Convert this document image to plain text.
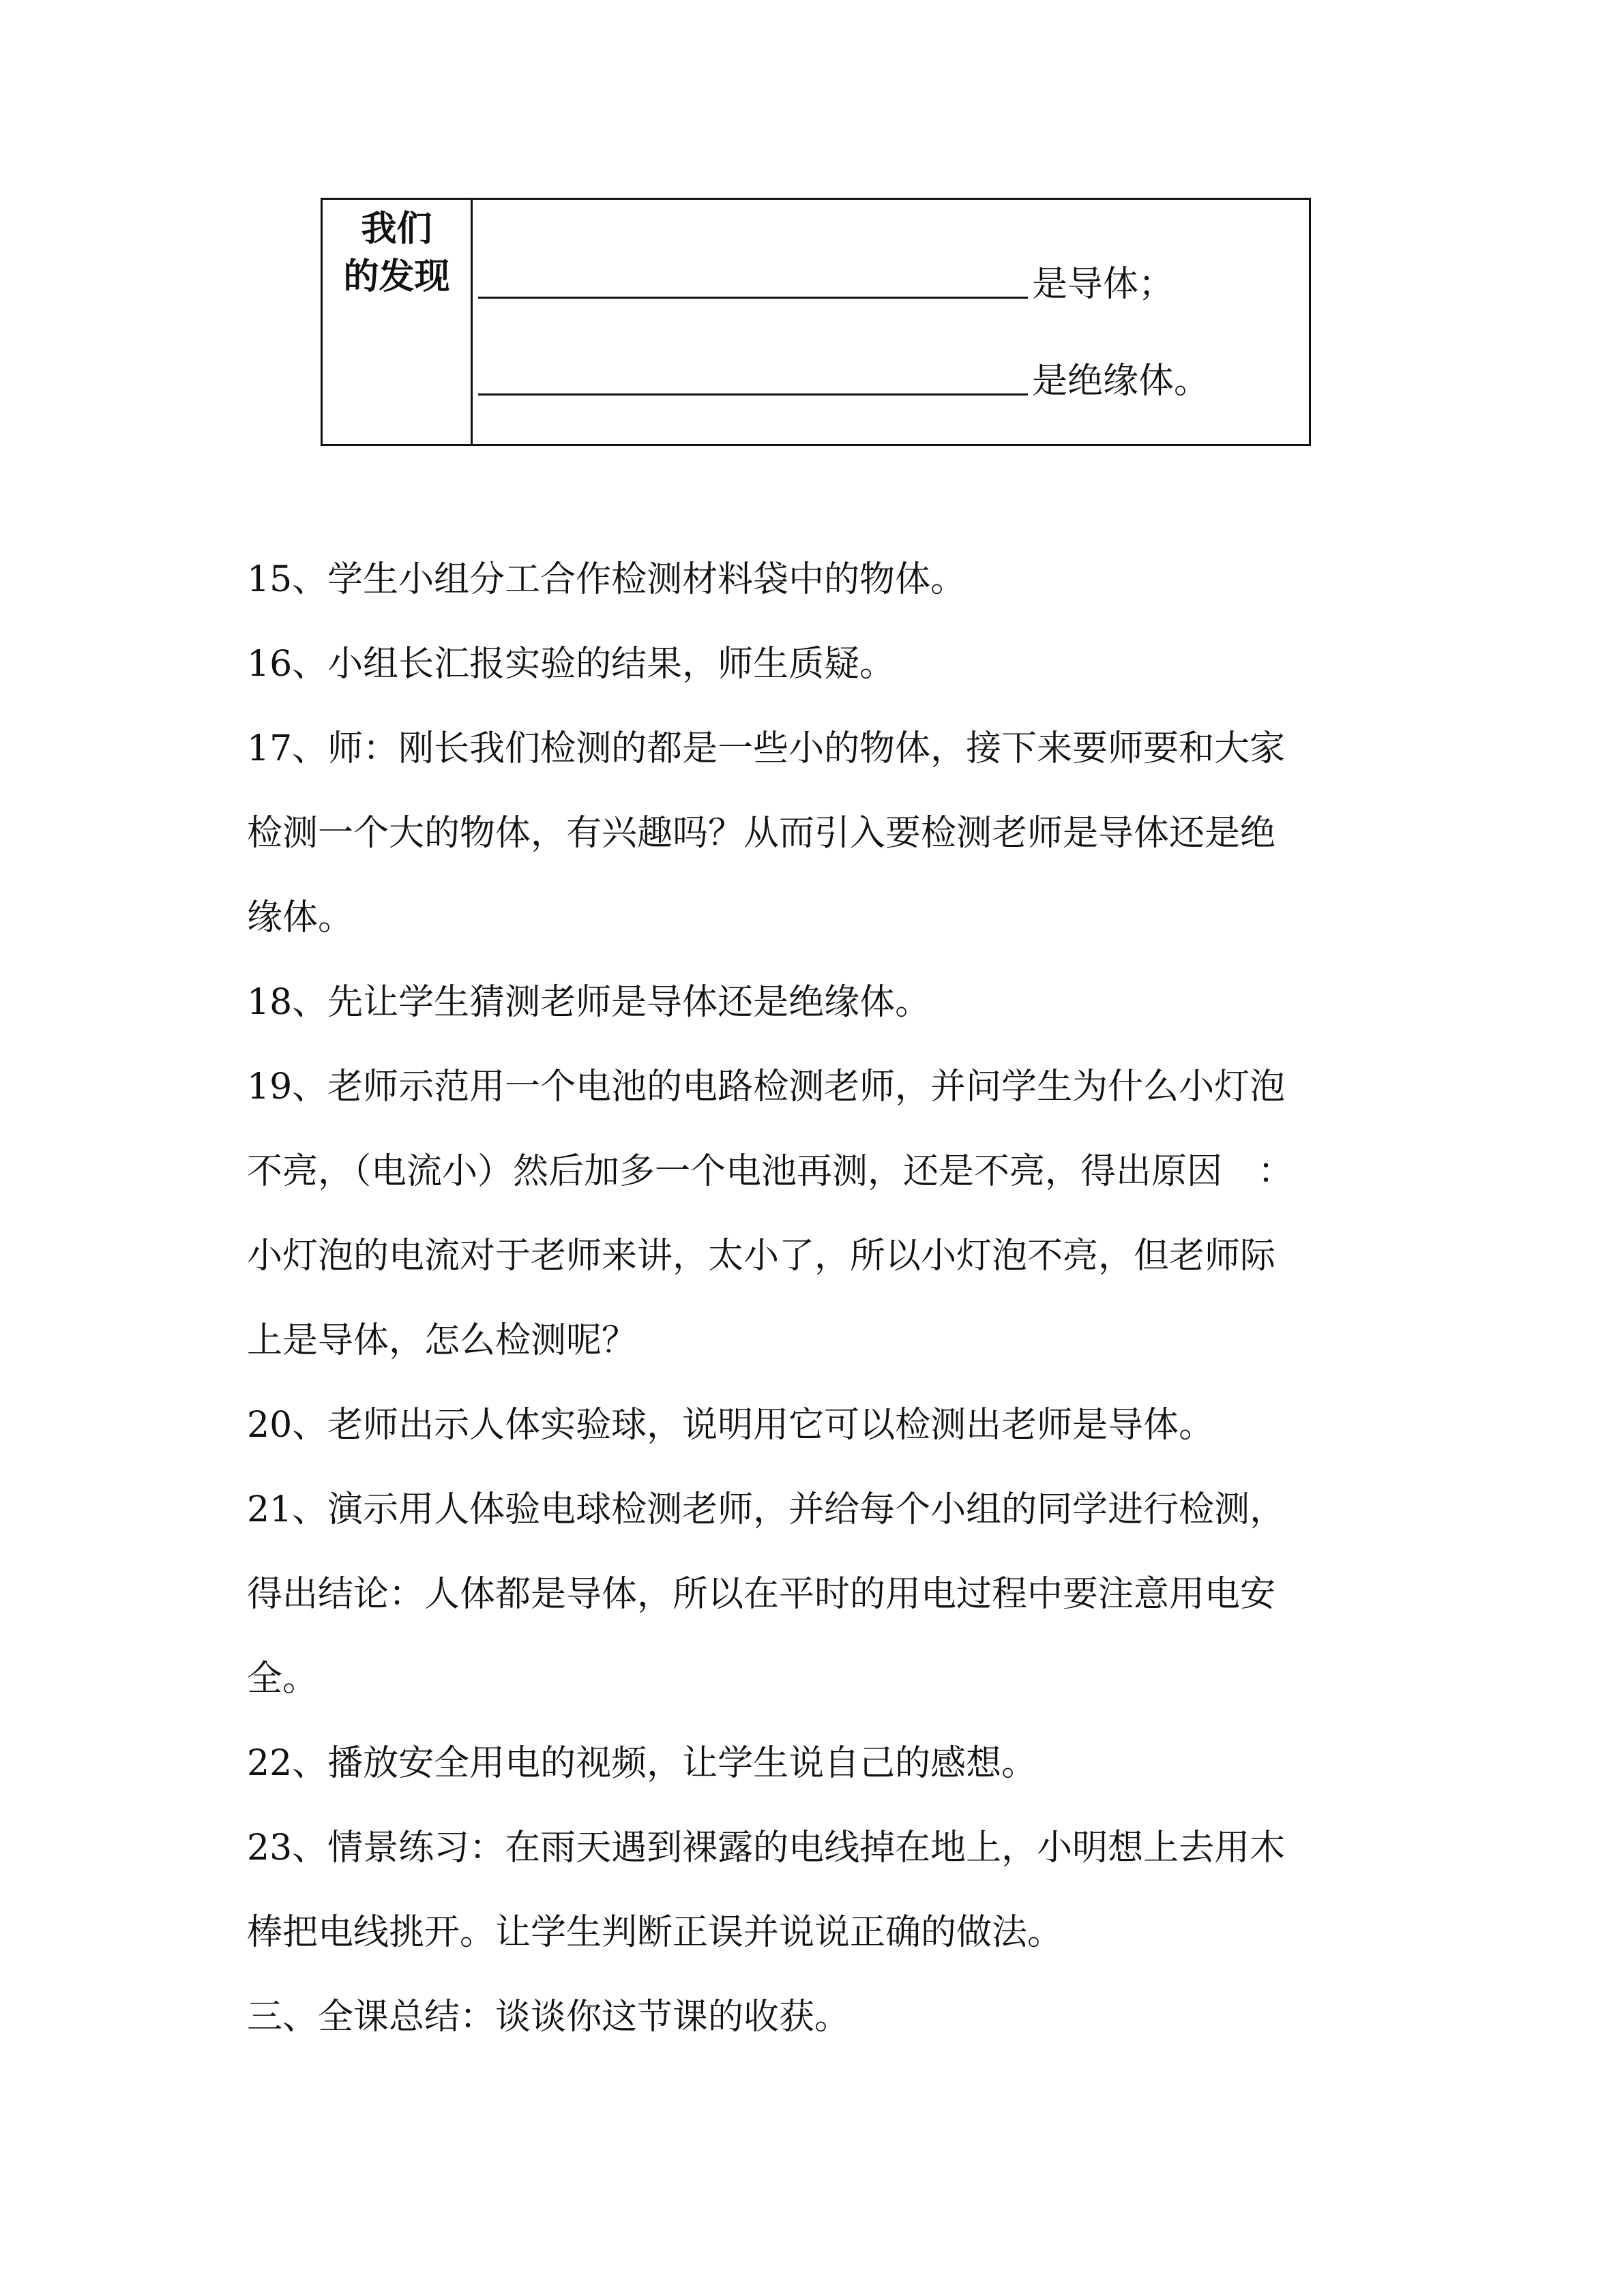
我们
的发现	是导体；
是绝缘体。
15、学生小组分工合作检测材料袋中的物体。
16、小组长汇报实验的结果，师生质疑。
17、师：刚长我们检测的都是一些小的物体，接下来要师要和大家
检测一个大的物体，有兴趣吗？从而引入要检测老师是导体还是绝
缘体。
18、先让学生猜测老师是导体还是绝缘体。
19、老师示范用一个电池的电路检测老师，并问学生为什么小灯泡
不亮，（电流小）然后加多一个电池再测，还是不亮，得出原因　：
小灯泡的电流对于老师来讲，太小了，所以小灯泡不亮，但老师际
上是导体，怎么检测呢？
20、老师出示人体实验球，说明用它可以检测出老师是导体。
21、演示用人体验电球检测老师，并给每个小组的同学进行检测，
得出结论：人体都是导体，所以在平时的用电过程中要注意用电安
全。
22、播放安全用电的视频，让学生说自己的感想。
23、情景练习：在雨天遇到裸露的电线掉在地上，小明想上去用木
棒把电线挑开。让学生判断正误并说说正确的做法。
三、全课总结：谈谈你这节课的收获。
